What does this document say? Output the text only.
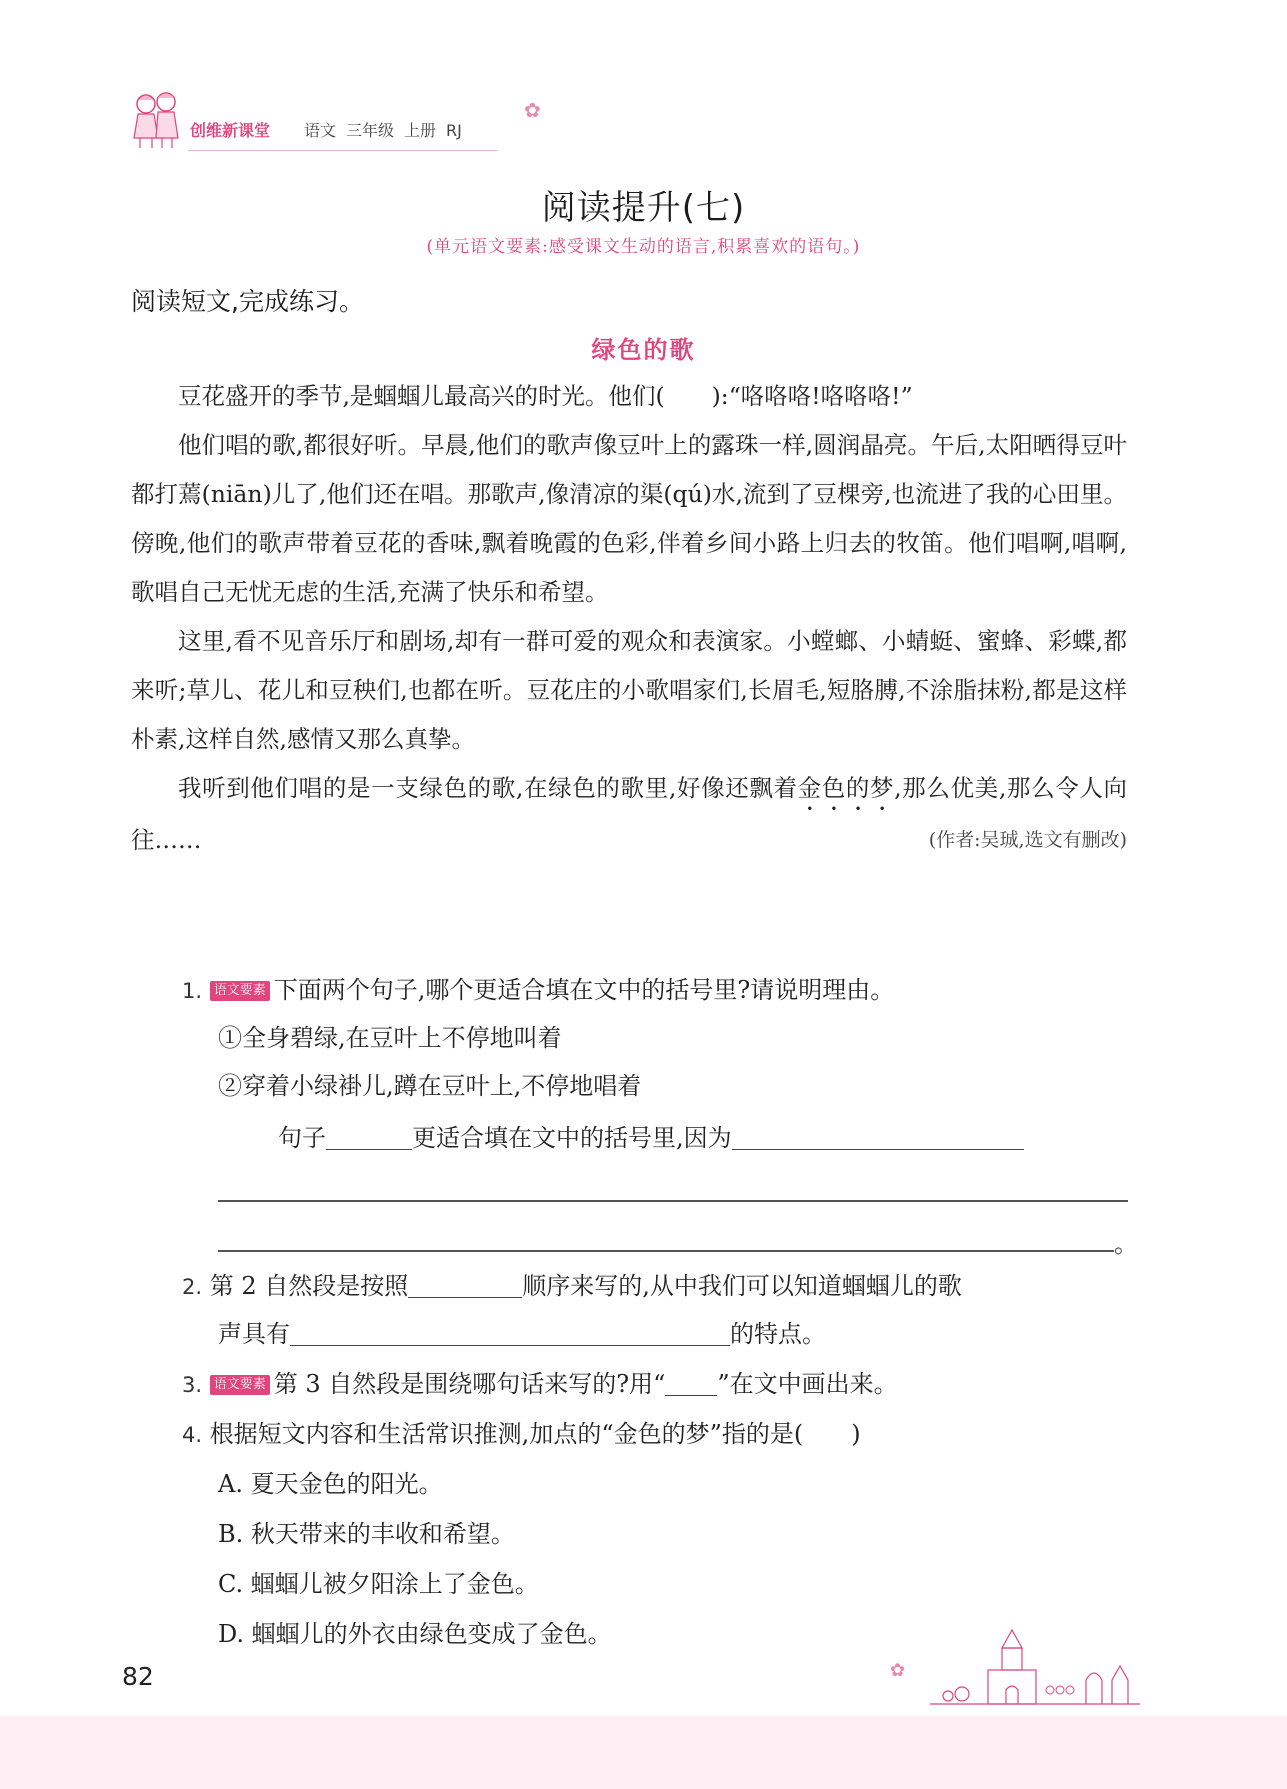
创维新课堂 语文 三年级 上册 RJ
✿
阅读提升(七)
(单元语文要素:感受课文生动的语言,积累喜欢的语句。)
阅读短文,完成练习。
绿色的歌

豆花盛开的季节,是蝈蝈儿最高兴的时光。他们(　　):“咯咯咯!咯咯咯!”

他们唱的歌,都很好听。早晨,他们的歌声像豆叶上的露珠一样,圆润晶亮。午后,太阳晒得豆叶都打蔫(niān)儿了,他们还在唱。那歌声,像清凉的渠(qú)水,流到了豆棵旁,也流进了我的心田里。傍晚,他们的歌声带着豆花的香味,飘着晚霞的色彩,伴着乡间小路上归去的牧笛。他们唱啊,唱啊,歌唱自己无忧无虑的生活,充满了快乐和希望。

这里,看不见音乐厅和剧场,却有一群可爱的观众和表演家。小螳螂、小蜻蜓、蜜蜂、彩蝶,都来听;草儿、花儿和豆秧们,也都在听。豆花庄的小歌唱家们,长眉毛,短胳膊,不涂脂抹粉,都是这样朴素,这样自然,感情又那么真挚。

我听到他们唱的是一支绿色的歌,在绿色的歌里,好像还飘着金色的梦,那么优美,那么令人向往……	(作者:吴珹,选文有删改)

1. 语文要素 下面两个句子,哪个更适合填在文中的括号里?请说明理由。
①全身碧绿,在豆叶上不停地叫着
②穿着小绿褂儿,蹲在豆叶上,不停地唱着
句子	更适合填在文中的括号里,因为
。
2. 第 2 自然段是按照	顺序来写的,从中我们可以知道蝈蝈儿的歌
声具有	的特点。
3. 语文要素 第 3 自然段是围绕哪句话来写的?用“ ”在文中画出来。
4. 根据短文内容和生活常识推测,加点的“金色的梦”指的是(　　)
A. 夏天金色的阳光。
B. 秋天带来的丰收和希望。
C. 蝈蝈儿被夕阳涂上了金色。
D. 蝈蝈儿的外衣由绿色变成了金色。
82	✿
